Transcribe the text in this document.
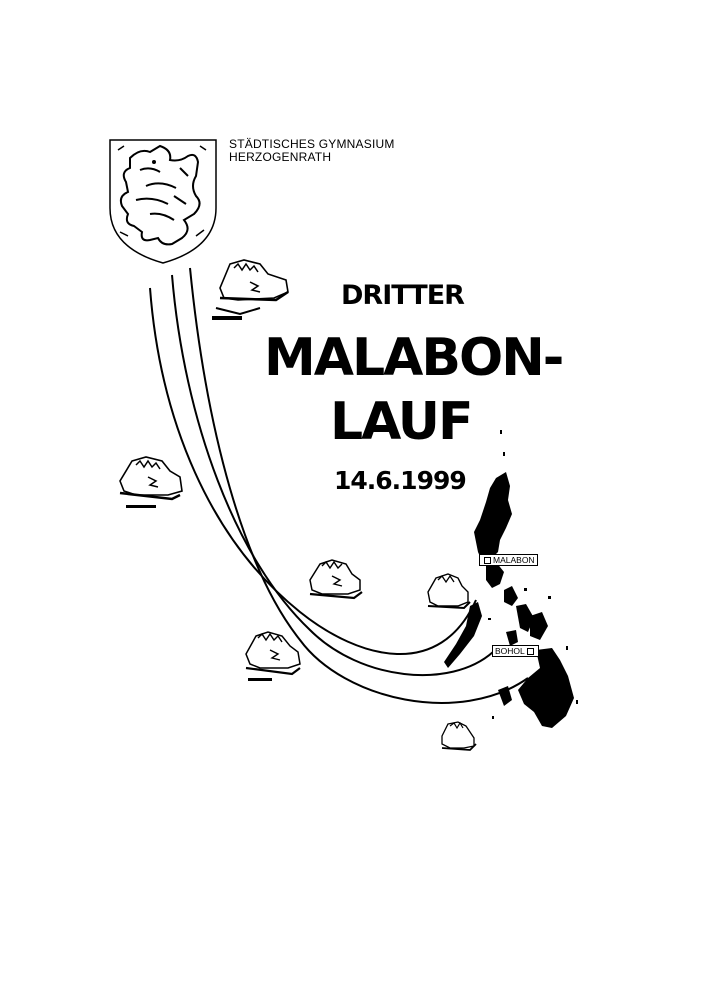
STÄDTISCHES GYMNASIUM
HERZOGENRATH
DRITTER
MALABON-
LAUF
14.6.1999
MALABON
BOHOL
